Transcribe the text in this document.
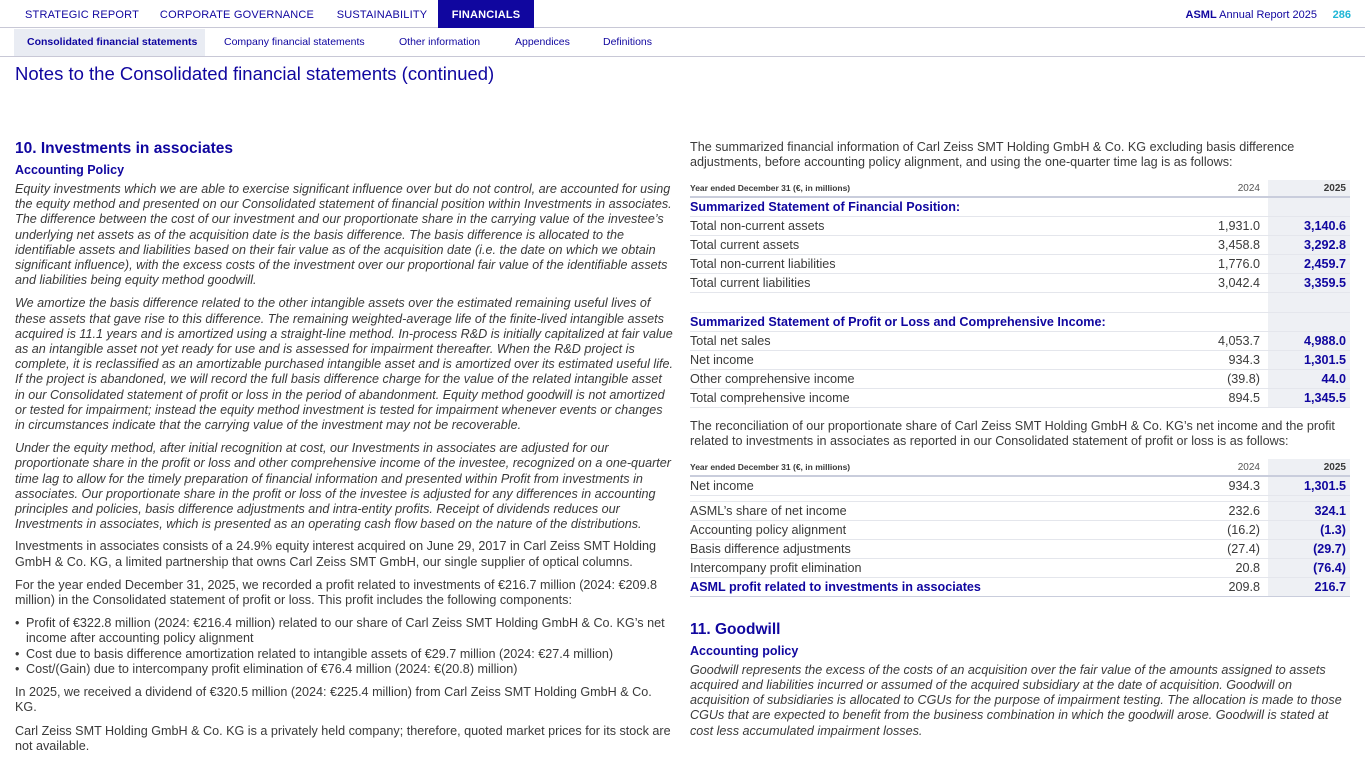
STRATEGIC REPORT	CORPORATE GOVERNANCE	SUSTAINABILITY	FINANCIALS	ASML Annual Report 2025 286
Consolidated financial statements	Company financial statements	Other information	Appendices	Definitions
Notes to the Consolidated financial statements (continued)
10. Investments in associates
Accounting Policy

Equity investments which we are able to exercise significant influence over but do not control, are accounted for using the equity method and presented on our Consolidated statement of financial position within Investments in associates. The difference between the cost of our investment and our proportionate share in the carrying value of the investee’s underlying net assets as of the acquisition date is the basis difference. The basis difference is allocated to the identifiable assets and liabilities based on their fair value as of the acquisition date (i.e. the date on which we obtain significant influence), with the excess costs of the investment over our proportional fair value of the identifiable assets and liabilities being equity method goodwill.

We amortize the basis difference related to the other intangible assets over the estimated remaining useful lives of these assets that gave rise to this difference. The remaining weighted-average life of the finite-lived intangible assets acquired is 11.1 years and is amortized using a straight-line method. In-process R&D is initially capitalized at fair value as an intangible asset not yet ready for use and is assessed for impairment thereafter. When the R&D project is complete, it is reclassified as an amortizable purchased intangible asset and is amortized over its estimated useful life. If the project is abandoned, we will record the full basis difference charge for the value of the related intangible asset in our Consolidated statement of profit or loss in the period of abandonment. Equity method goodwill is not amortized or tested for impairment; instead the equity method investment is tested for impairment whenever events or changes in circumstances indicate that the carrying value of the investment may not be recoverable.

Under the equity method, after initial recognition at cost, our Investments in associates are adjusted for our proportionate share in the profit or loss and other comprehensive income of the investee, recognized on a one-quarter time lag to allow for the timely preparation of financial information and presented within Profit from investments in associates. Our proportionate share in the profit or loss of the investee is adjusted for any differences in accounting principles and policies, basis difference adjustments and intra-entity profits. Receipt of dividends reduces our Investments in associates, which is presented as an operating cash flow based on the nature of the distributions.

Investments in associates consists of a 24.9% equity interest acquired on June 29, 2017 in Carl Zeiss SMT Holding GmbH & Co. KG, a limited partnership that owns Carl Zeiss SMT GmbH, our single supplier of optical columns.

For the year ended December 31, 2025, we recorded a profit related to investments of €216.7 million (2024: €209.8 million) in the Consolidated statement of profit or loss. This profit includes the following components:

• Profit of €322.8 million (2024: €216.4 million) related to our share of Carl Zeiss SMT Holding GmbH & Co. KG’s net income after accounting policy alignment
• Cost due to basis difference amortization related to intangible assets of €29.7 million (2024: €27.4 million)
• Cost/(Gain) due to intercompany profit elimination of €76.4 million (2024: €(20.8) million)

In 2025, we received a dividend of €320.5 million (2024: €225.4 million) from Carl Zeiss SMT Holding GmbH & Co. KG.

Carl Zeiss SMT Holding GmbH & Co. KG is a privately held company; therefore, quoted market prices for its stock are not available.

The summarized financial information of Carl Zeiss SMT Holding GmbH & Co. KG excluding basis difference adjustments, before accounting policy alignment, and using the one-quarter time lag is as follows:

Year ended December 31 (€, in millions)	2024	2025
Summarized Statement of Financial Position:		
Total non-current assets	1,931.0	3,140.6
Total current assets	3,458.8	3,292.8
Total non-current liabilities	1,776.0	2,459.7
Total current liabilities	3,042.4	3,359.5

Summarized Statement of Profit or Loss and Comprehensive Income:		
Total net sales	4,053.7	4,988.0
Net income	934.3	1,301.5
Other comprehensive income	(39.8)	44.0
Total comprehensive income	894.5	1,345.5

The reconciliation of our proportionate share of Carl Zeiss SMT Holding GmbH & Co. KG’s net income and the profit related to investments in associates as reported in our Consolidated statement of profit or loss is as follows:

Year ended December 31 (€, in millions)	2024	2025
Net income	934.3	1,301.5

ASML’s share of net income	232.6	324.1
Accounting policy alignment	(16.2)	(1.3)
Basis difference adjustments	(27.4)	(29.7)
Intercompany profit elimination	20.8	(76.4)
ASML profit related to investments in associates	209.8	216.7
11. Goodwill
Accounting policy

Goodwill represents the excess of the costs of an acquisition over the fair value of the amounts assigned to assets acquired and liabilities incurred or assumed of the acquired subsidiary at the date of acquisition. Goodwill on acquisition of subsidiaries is allocated to CGUs for the purpose of impairment testing. The allocation is made to those CGUs that are expected to benefit from the business combination in which the goodwill arose. Goodwill is stated at cost less accumulated impairment losses.
